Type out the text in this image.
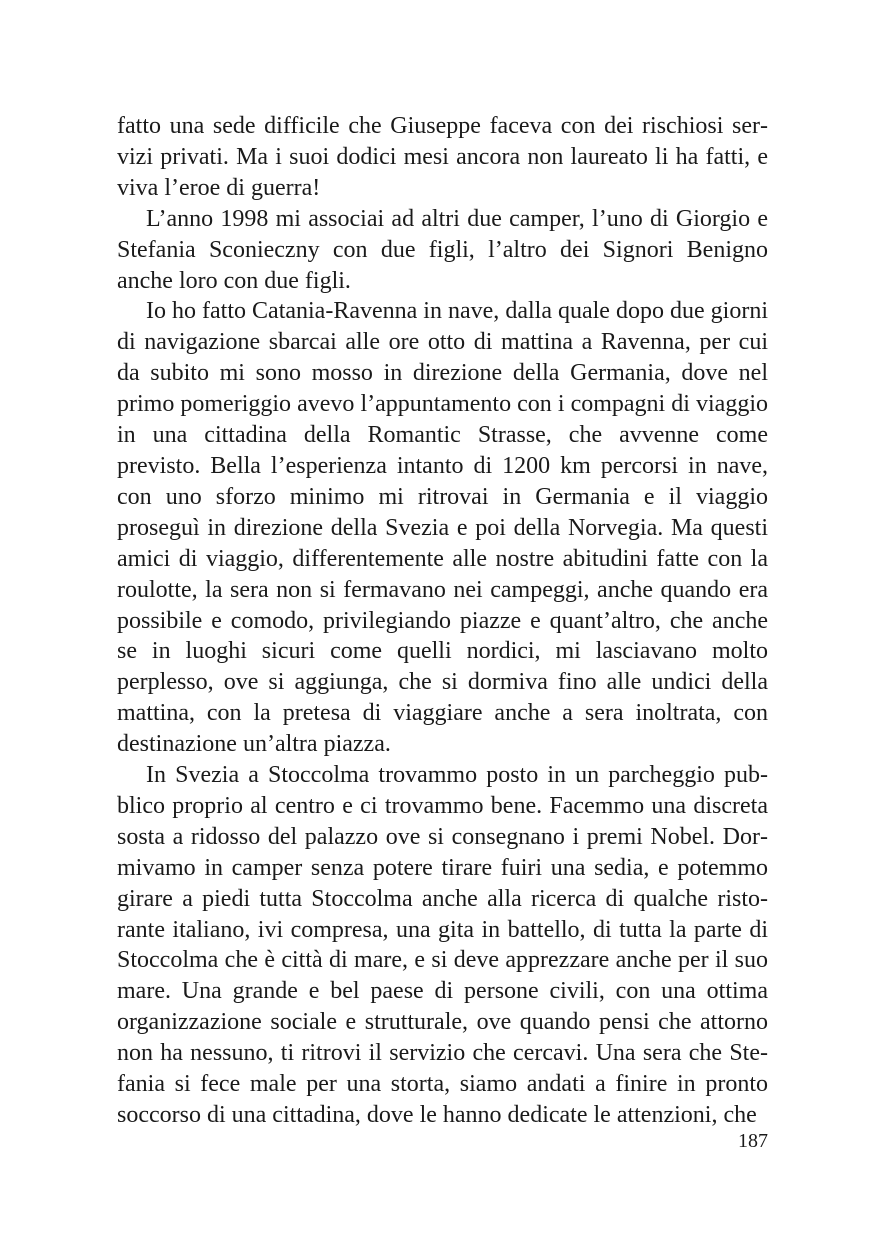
fatto una sede difficile che Giuseppe faceva con dei rischiosi servizi privati. Ma i suoi dodici mesi ancora non laureato li ha fatti, e viva l’eroe di guerra!

L’anno 1998 mi associai ad altri due camper, l’uno di Giorgio e Stefania Sconieczny con due figli, l’altro dei Signori Benigno anche loro con due figli.

Io ho fatto Catania-Ravenna in nave, dalla quale dopo due giorni di navigazione sbarcai alle ore otto di mattina a Ravenna, per cui da subito mi sono mosso in direzione della Germania, dove nel primo pomeriggio avevo l’appuntamento con i compagni di viaggio in una cittadina della Romantic Strasse, che avvenne come previsto. Bella l’esperienza intanto di 1200 km percorsi in nave, con uno sforzo minimo mi ritrovai in Germania e il viaggio proseguì in direzione della Svezia e poi della Norvegia. Ma questi amici di viaggio, differentemente alle nostre abitudini fatte con la roulotte, la sera non si fermavano nei campeggi, anche quando era possibile e comodo, privilegiando piazze e quant’altro, che anche se in luoghi sicuri come quelli nordici, mi lasciavano molto perplesso, ove si aggiunga, che si dormiva fino alle undici della mattina, con la pretesa di viaggiare anche a sera inoltrata, con destinazione un’altra piazza.

In Svezia a Stoccolma trovammo posto in un parcheggio pubblico proprio al centro e ci trovammo bene. Facemmo una discreta sosta a ridosso del palazzo ove si consegnano i premi Nobel. Dormivamo in camper senza potere tirare fuiri una sedia, e potemmo girare a piedi tutta Stoccolma anche alla ricerca di qualche ristorante italiano, ivi compresa, una gita in battello, di tutta la parte di Stoccolma che è città di mare, e si deve apprezzare anche per il suo mare. Una grande e bel paese di persone civili, con una ottima organizzazione sociale e strutturale, ove quando pensi che attorno non ha nessuno, ti ritrovi il servizio che cercavi. Una sera che Stefania si fece male per una storta, siamo andati a finire in pronto soccorso di una cittadina, dove le hanno dedicate le attenzioni, che

187
